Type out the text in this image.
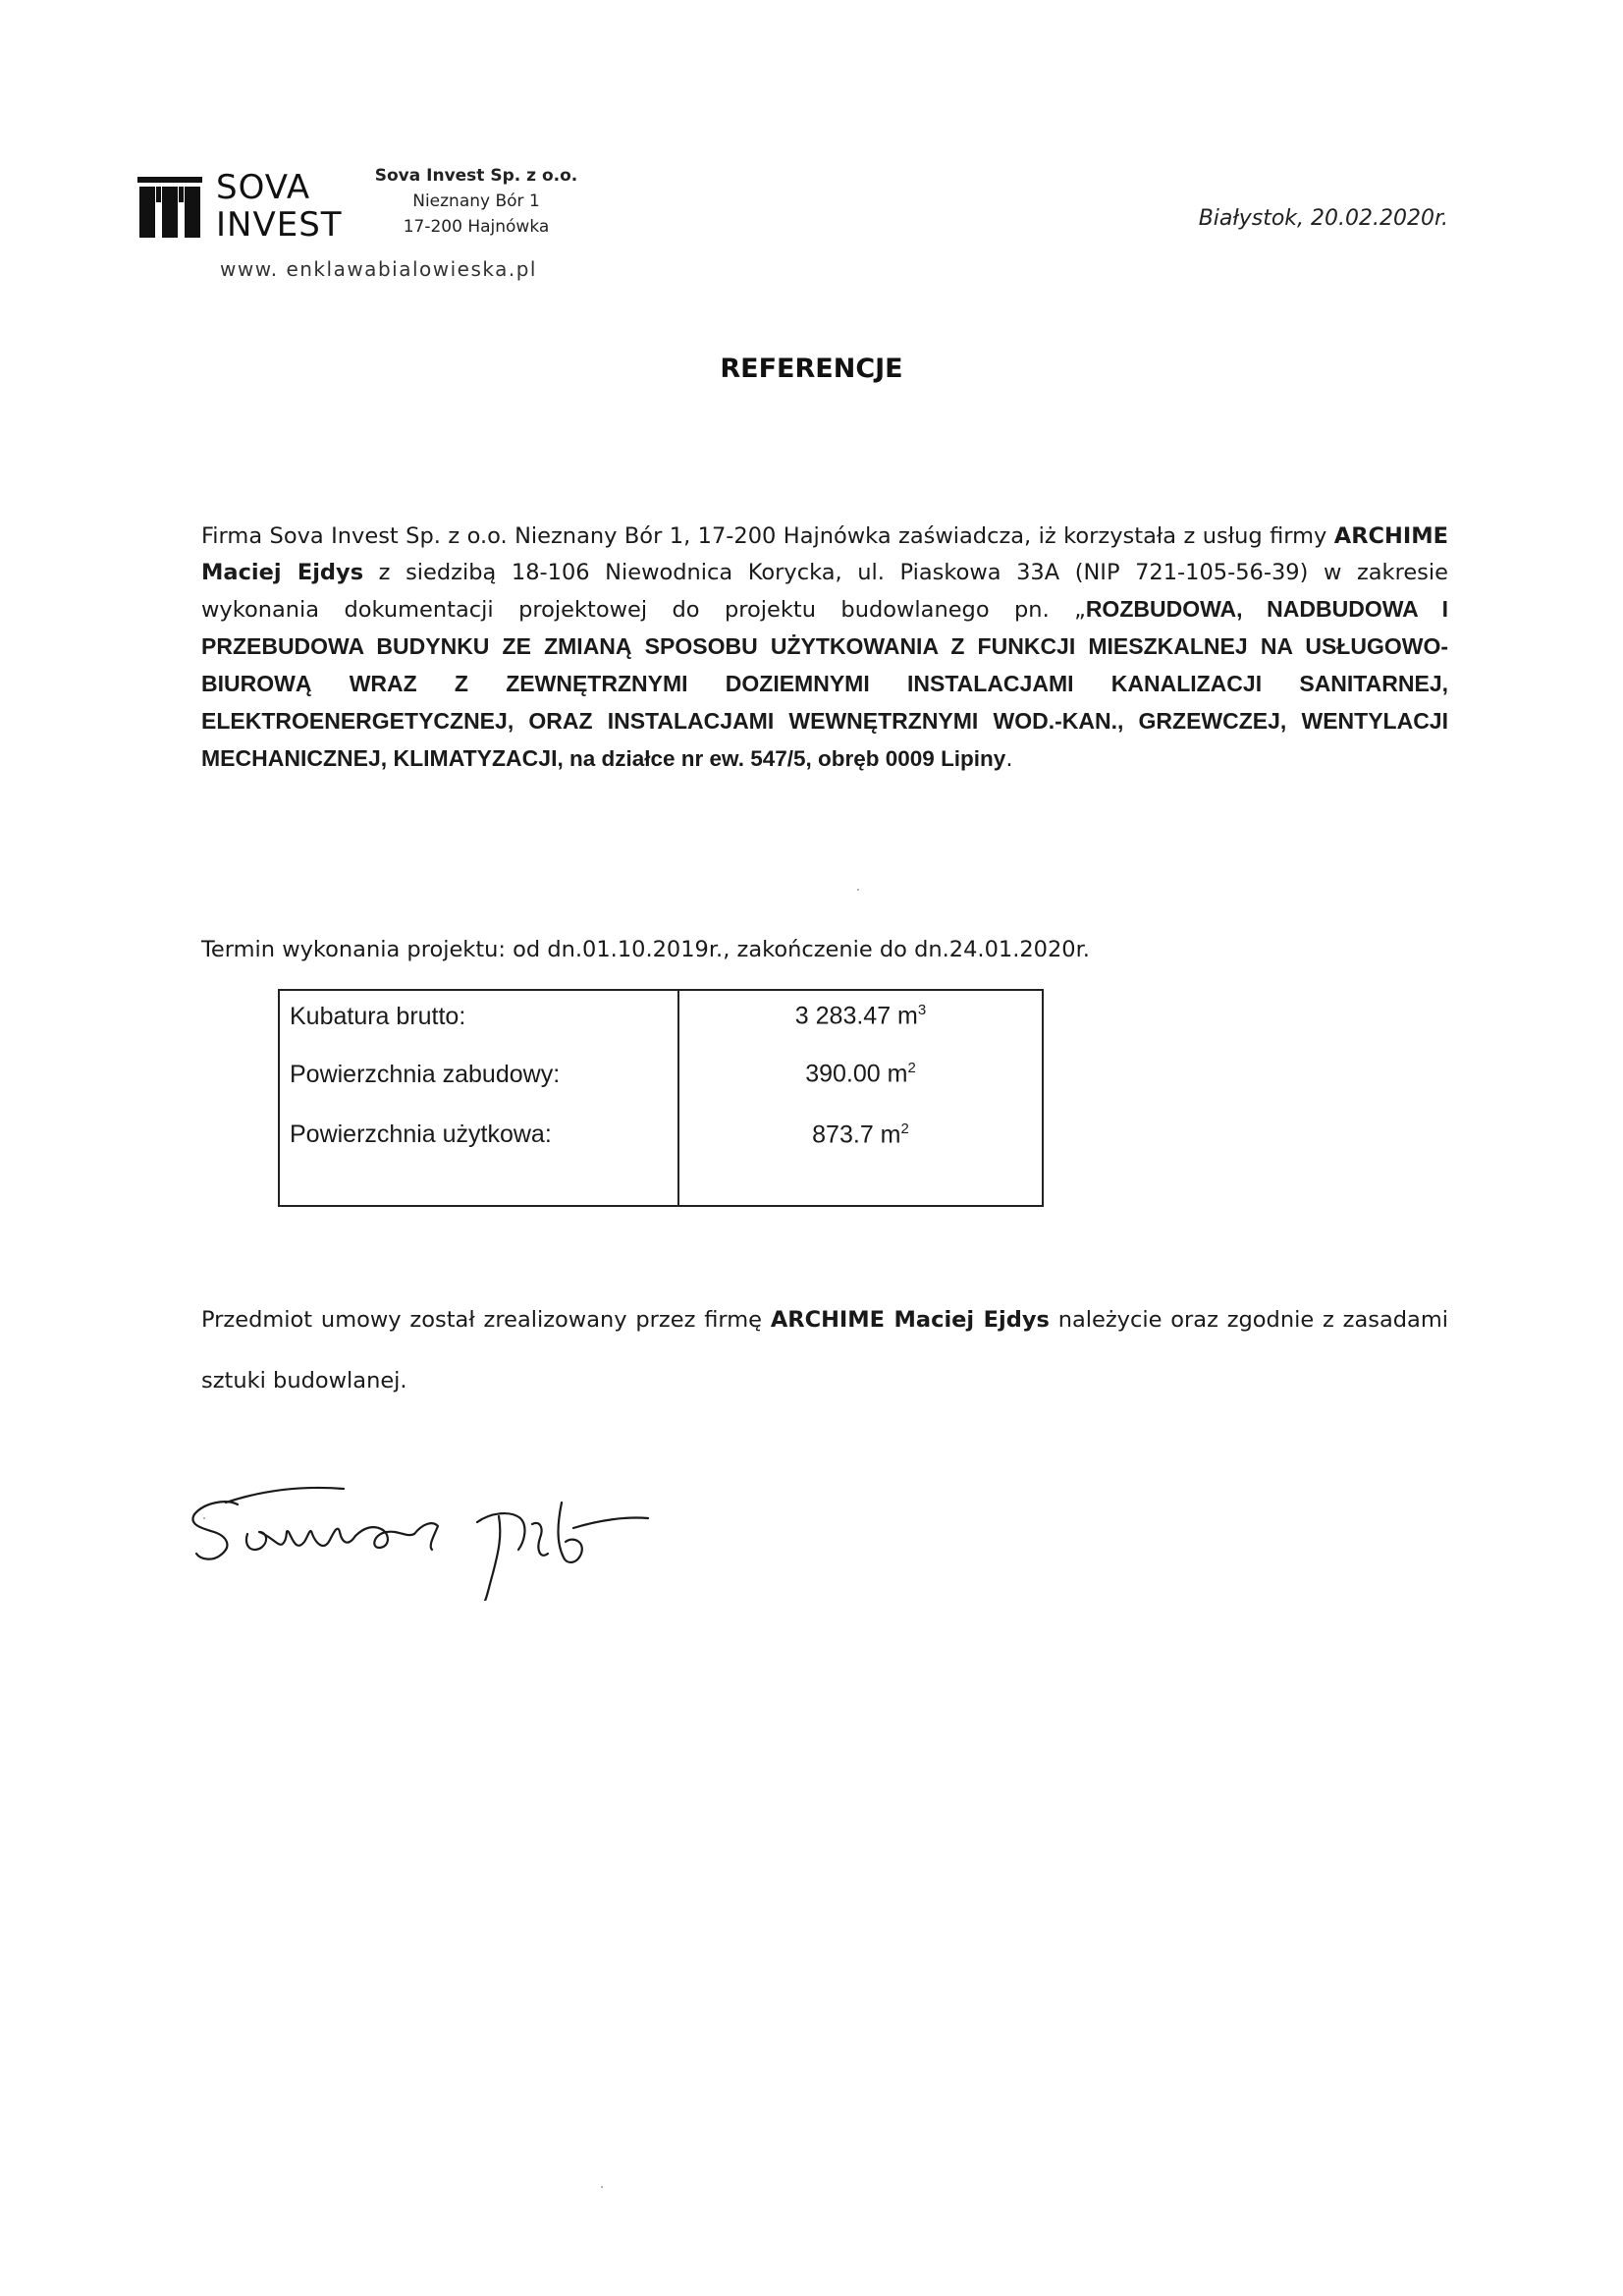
SOVA
INVEST
Sova Invest Sp. z o.o.
Nieznany Bór 1
17-200 Hajnówka
www. enklawabialowieska.pl
Białystok, 20.02.2020r.
REFERENCJE

Firma Sova Invest Sp. z o.o. Nieznany Bór 1, 17-200 Hajnówka zaświadcza, iż korzystała z usług firmy ARCHIME Maciej Ejdys z siedzibą 18-106 Niewodnica Korycka, ul. Piaskowa 33A (NIP 721-105-56-39) w zakresie wykonania dokumentacji projektowej do projektu budowlanego pn. „ROZBUDOWA, NADBUDOWA I PRZEBUDOWA BUDYNKU ZE ZMIANĄ SPOSOBU UŻYTKOWANIA Z FUNKCJI MIESZKALNEJ NA USŁUGOWO-BIUROWĄ WRAZ Z ZEWNĘTRZNYMI DOZIEMNYMI INSTALACJAMI KANALIZACJI SANITARNEJ, ELEKTROENERGETYCZNEJ, ORAZ INSTALACJAMI WEWNĘTRZNYMI WOD.-KAN., GRZEWCZEJ, WENTYLACJI MECHANICZNEJ, KLIMATYZACJI, na działce nr ew. 547/5, obręb 0009 Lipiny.

Termin wykonania projektu: od dn.01.10.2019r., zakończenie do dn.24.01.2020r.
Kubatura brutto:	3 283.47 $m^3$
Powierzchnia zabudowy:	390.00 $m^2$
Powierzchnia użytkowa:	873.7 $m^2$

Przedmiot umowy został zrealizowany przez firmę ARCHIME Maciej Ejdys należycie oraz zgodnie z zasadami sztuki budowlanej.
